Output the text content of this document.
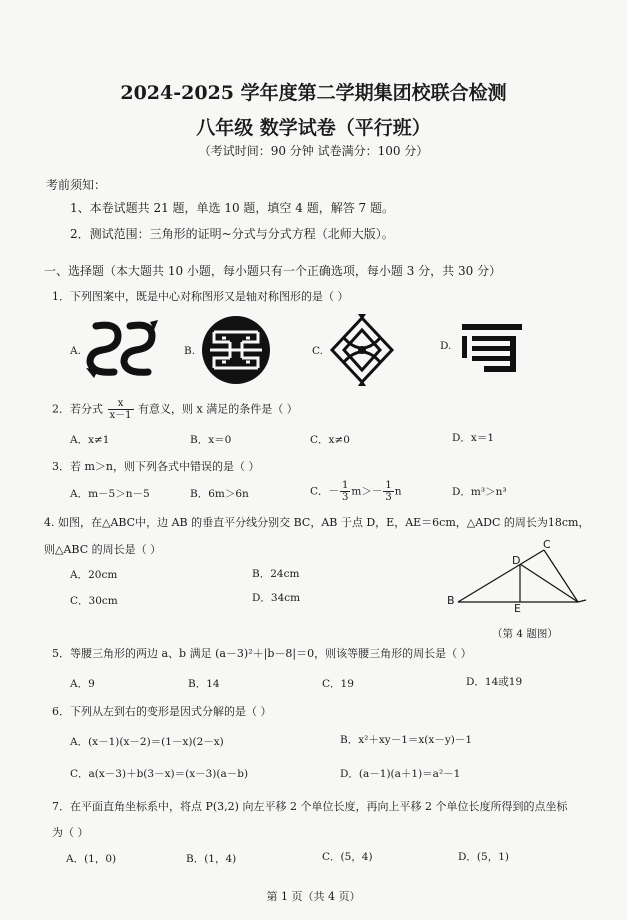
2024-2025 学年度第二学期集团校联合检测
八年级 数学试卷（平行班）
（考试时间：90 分钟 试卷满分：100 分）
考前须知：
1、本卷试题共 21 题，单选 10 题，填空 4 题，解答 7 题。
2．测试范围：三角形的证明~分式与分式方程（北师大版）。
一、选择题（本大题共 10 小题，每小题只有一个正确选项，每小题 3 分，共 30 分）
1．下列图案中，既是中心对称图形又是轴对称图形的是（ ）
A.	B.	C.	D.
2．若分式 $\frac{x}{x-1}$ 有意义，则 x 满足的条件是（ ）
A．x≠1	B．x＝0	C．x≠0	D．x＝1
3．若 m＞n，则下列各式中错误的是（ ）
A．m－5＞n－5	B．6m＞6n	C．－ $\frac{1}{3} m>- \frac{1}{3}$ n	D．m³＞n³
4. 如图，在△ABC中，边 AB 的垂直平分线分别交 BC，AB 于点 D，E，AE＝6cm，△ADC 的周长为18cm，
则△ABC 的周长是（ ）
A．20cm	B．24cm
C．30cm	D．34cm
D
C
B
E
（第 4 题图）
5．等腰三角形的两边 a、b 满足 (a－3)²＋|b－8|＝0，则该等腰三角形的周长是（ ）
A．9	B．14	C．19	D．14或19
6．下列从左到右的变形是因式分解的是（ ）
A．(x－1)(x－2)＝(1－x)(2－x)	B．x²＋xy－1＝x(x－y)－1
C．a(x－3)＋b(3－x)＝(x－3)(a－b)	D．(a－1)(a＋1)＝a²－1
7．在平面直角坐标系中，将点 P(3,2) 向左平移 2 个单位长度，再向上平移 2 个单位长度所得到的点坐标
为（ ）
A．(1，0)	B．(1，4)	C．(5，4)	D．(5，1)
第 1 页（共 4 页）
